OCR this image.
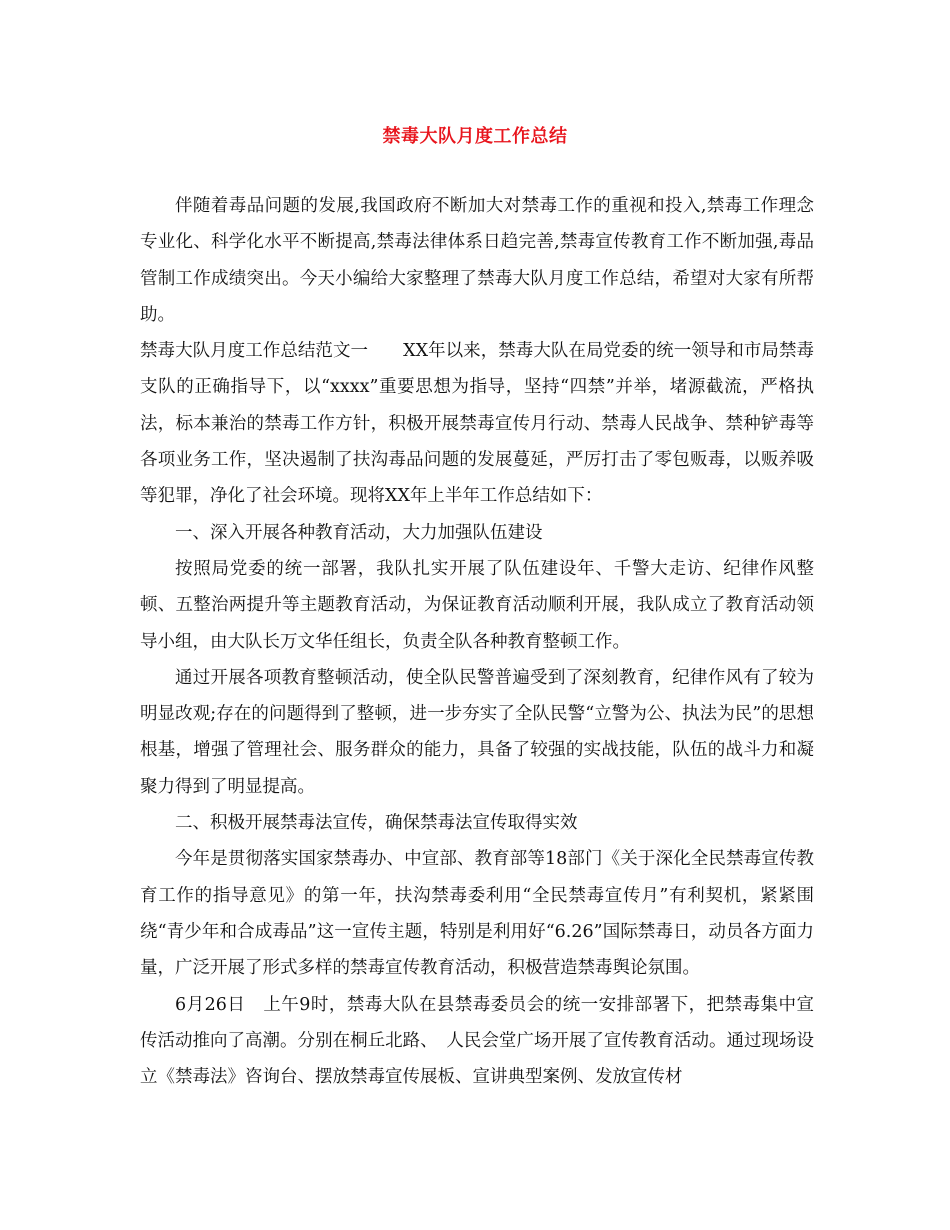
禁毒大队月度工作总结

伴随着毒品问题的发展,我国政府不断加大对禁毒工作的重视和投入,禁毒工作理念专业化、科学化水平不断提高,禁毒法律体系日趋完善,禁毒宣传教育工作不断加强,毒品管制工作成绩突出。今天小编给大家整理了禁毒大队月度工作总结，希望对大家有所帮助。

禁毒大队月度工作总结范文一　　XX年以来，禁毒大队在局党委的统一领导和市局禁毒支队的正确指导下，以“xxxx”重要思想为指导，坚持“四禁”并举，堵源截流，严格执法，标本兼治的禁毒工作方针，积极开展禁毒宣传月行动、禁毒人民战争、禁种铲毒等各项业务工作，坚决遏制了扶沟毒品问题的发展蔓延，严厉打击了零包贩毒，以贩养吸等犯罪，净化了社会环境。现将XX年上半年工作总结如下：

一、深入开展各种教育活动，大力加强队伍建设

按照局党委的统一部署，我队扎实开展了队伍建设年、千警大走访、纪律作风整顿、五整治两提升等主题教育活动，为保证教育活动顺利开展，我队成立了教育活动领导小组，由大队长万文华任组长，负责全队各种教育整顿工作。

通过开展各项教育整顿活动，使全队民警普遍受到了深刻教育，纪律作风有了较为明显改观;存在的问题得到了整顿，进一步夯实了全队民警“立警为公、执法为民”的思想根基，增强了管理社会、服务群众的能力，具备了较强的实战技能，队伍的战斗力和凝聚力得到了明显提高。

二、积极开展禁毒法宣传，确保禁毒法宣传取得实效

今年是贯彻落实国家禁毒办、中宣部、教育部等18部门《关于深化全民禁毒宣传教育工作的指导意见》的第一年，扶沟禁毒委利用“全民禁毒宣传月”有利契机，紧紧围绕“青少年和合成毒品”这一宣传主题，特别是利用好“6.26”国际禁毒日，动员各方面力量，广泛开展了形式多样的禁毒宣传教育活动，积极营造禁毒舆论氛围。

6月26日　上午9时，禁毒大队在县禁毒委员会的统一安排部署下，把禁毒集中宣传活动推向了高潮。分别在桐丘北路、　人民会堂广场开展了宣传教育活动。通过现场设立《禁毒法》咨询台、摆放禁毒宣传展板、宣讲典型案例、发放宣传材
